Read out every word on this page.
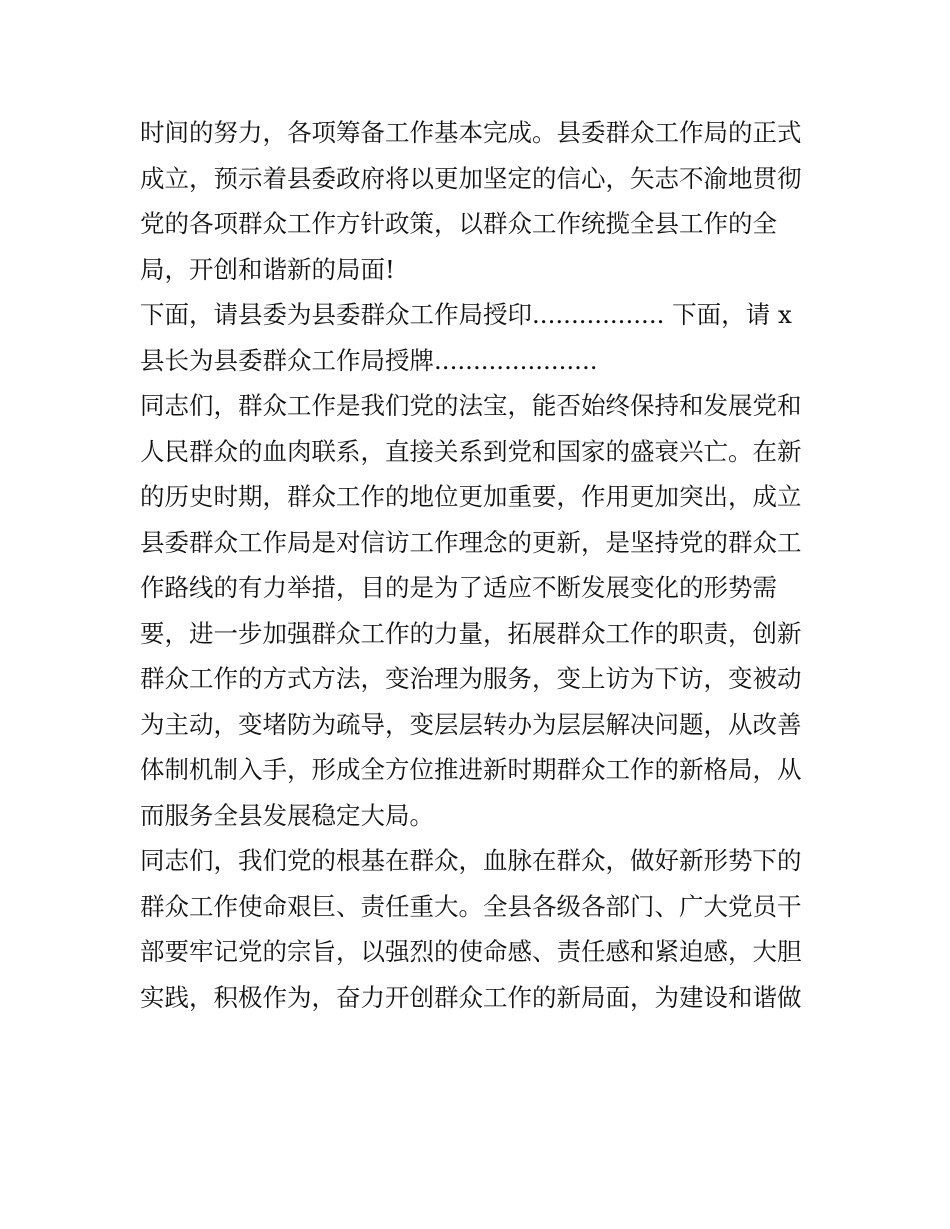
时间的努力，各项筹备工作基本完成。县委群众工作局的正式
成立，预示着县委政府将以更加坚定的信心，矢志不渝地贯彻
党的各项群众工作方针政策，以群众工作统揽全县工作的全
局，开创和谐新的局面!
下面，请县委为县委群众工作局授印................. 下面，请 x
县长为县委群众工作局授牌.....................
同志们，群众工作是我们党的法宝，能否始终保持和发展党和
人民群众的血肉联系，直接关系到党和国家的盛衰兴亡。在新
的历史时期，群众工作的地位更加重要，作用更加突出，成立
县委群众工作局是对信访工作理念的更新，是坚持党的群众工
作路线的有力举措，目的是为了适应不断发展变化的形势需
要，进一步加强群众工作的力量，拓展群众工作的职责，创新
群众工作的方式方法，变治理为服务，变上访为下访，变被动
为主动，变堵防为疏导，变层层转办为层层解决问题，从改善
体制机制入手，形成全方位推进新时期群众工作的新格局，从
而服务全县发展稳定大局。
同志们，我们党的根基在群众，血脉在群众，做好新形势下的
群众工作使命艰巨、责任重大。全县各级各部门、广大党员干
部要牢记党的宗旨，以强烈的使命感、责任感和紧迫感，大胆
实践，积极作为，奋力开创群众工作的新局面，为建设和谐做
